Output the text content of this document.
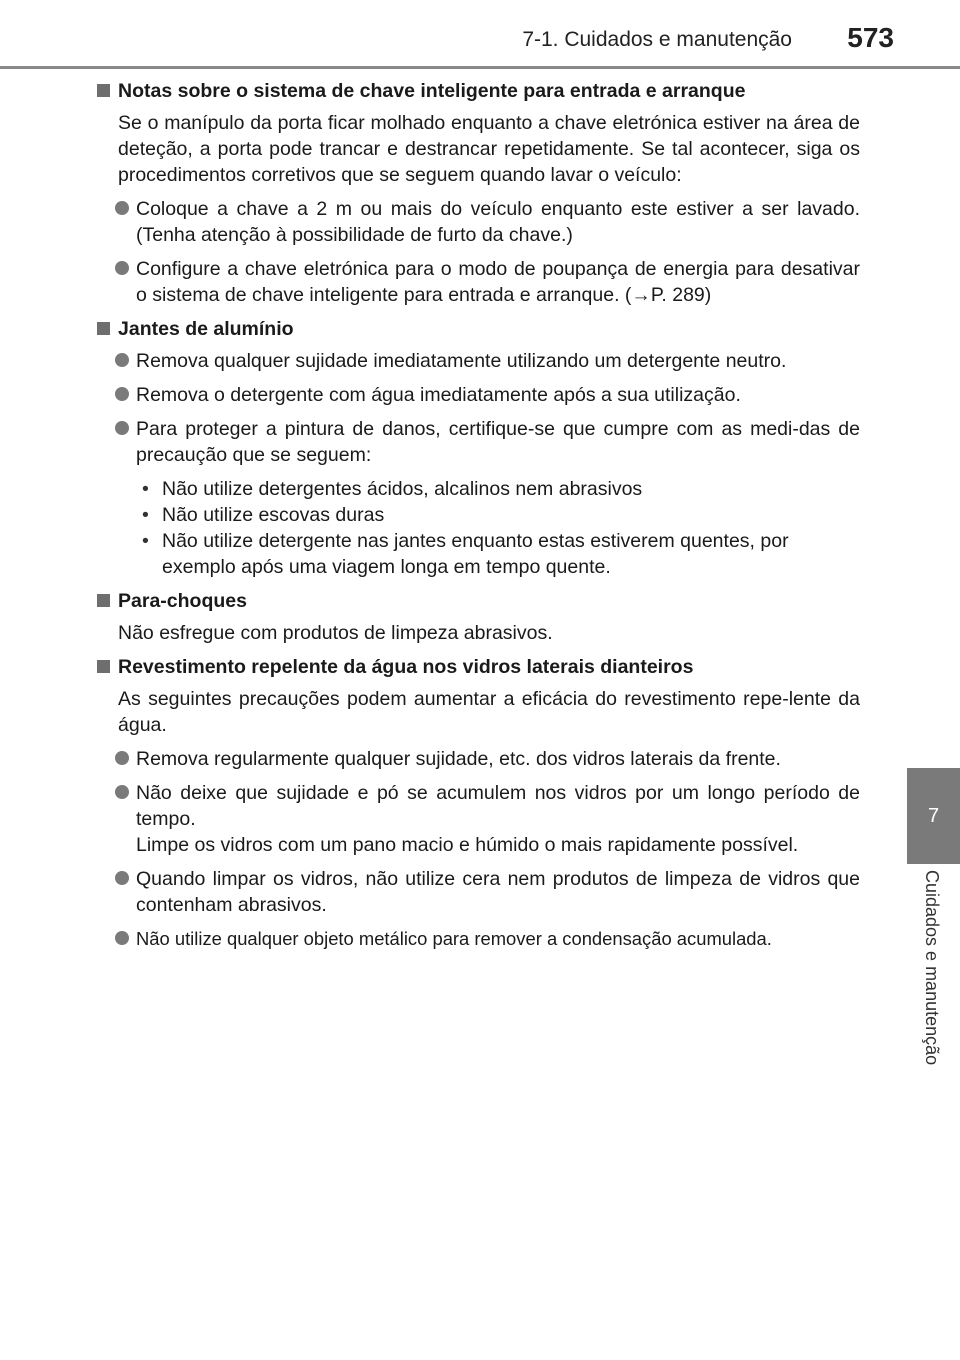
7-1. Cuidados e manutenção	573
7
Cuidados e manutenção
Notas sobre o sistema de chave inteligente para entrada e arranque
Se o manípulo da porta ficar molhado enquanto a chave eletrónica estiver na área de deteção, a porta pode trancar e destrancar repetidamente. Se tal acontecer, siga os procedimentos corretivos que se seguem quando lavar o veículo:
Coloque a chave a 2 m ou mais do veículo enquanto este estiver a ser lavado. (Tenha atenção à possibilidade de furto da chave.)
Configure a chave eletrónica para o modo de poupança de energia para desativar o sistema de chave inteligente para entrada e arranque. (→P. 289)
Jantes de alumínio
Remova qualquer sujidade imediatamente utilizando um detergente neutro.
Remova o detergente com água imediatamente após a sua utilização.
Para proteger a pintura de danos, certifique-se que cumpre com as medi-das de precaução que se seguem:
• Não utilize detergentes ácidos, alcalinos nem abrasivos
• Não utilize escovas duras
• Não utilize detergente nas jantes enquanto estas estiverem quentes, por exemplo após uma viagem longa em tempo quente.
Para-choques
Não esfregue com produtos de limpeza abrasivos.
Revestimento repelente da água nos vidros laterais dianteiros
As seguintes precauções podem aumentar a eficácia do revestimento repe-lente da água.
Remova regularmente qualquer sujidade, etc. dos vidros laterais da frente.
Não deixe que sujidade e pó se acumulem nos vidros por um longo período de tempo.
Limpe os vidros com um pano macio e húmido o mais rapidamente possível.
Quando limpar os vidros, não utilize cera nem produtos de limpeza de vidros que contenham abrasivos.
Não utilize qualquer objeto metálico para remover a condensação acumulada.
